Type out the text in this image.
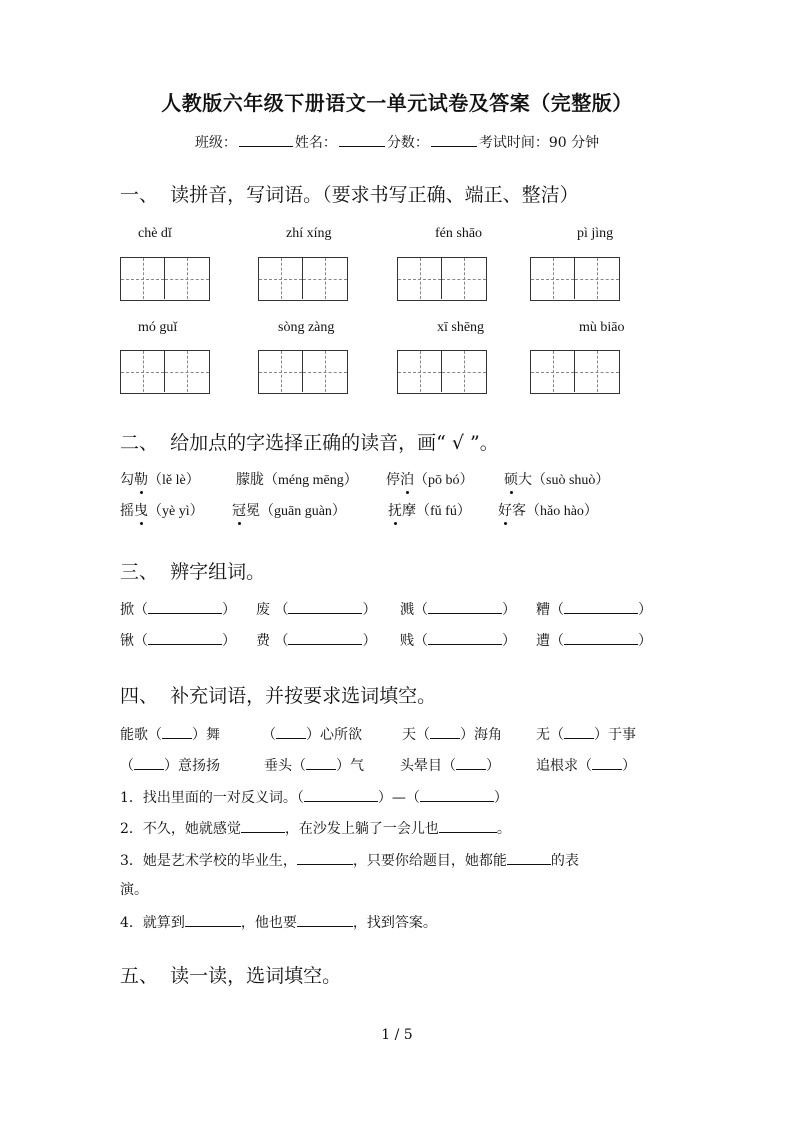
人教版六年级下册语文一单元试卷及答案（完整版）
班级：	姓名：	分数：	考试时间：90 分钟
一、 读拼音，写词语。（要求书写正确、端正、整洁）
chè dǐ	zhí xíng	fén shāo	pì jìng
mó guǐ	sòng zàng	xī shēng	mù biāo
二、 给加点的字选择正确的读音，画“ √ ”。
勾勒（lě lè）	朦胧（méng mēng） 停泊（pō bó） 硕大（suò shuò）
摇曳（yè yì） 冠冕（guān guàn）	抚摩（fǔ fú） 好客（hǎo hào）
三、 辨字组词。
掀（	） 废 （	） 溅（	） 糟（	）
锹（	） 费 （	） 贱（	） 遭（	）
四、 补充词语，并按要求选词填空。
能歌（ ）舞	（ ）心所欲	天（ ）海角 无（ ）于事
（ ）意扬扬	垂头（ ）气	头晕目（ ）	追根求（ ）
1．找出里面的一对反义词。（	）—（	）
2．不久，她就感觉	，在沙发上躺了一会儿也	。
3．她是艺术学校的毕业生，	，只要你给题目，她都能	的表
演。
4．就算到	，他也要	，找到答案。
五、 读一读，选词填空。
1 / 5
